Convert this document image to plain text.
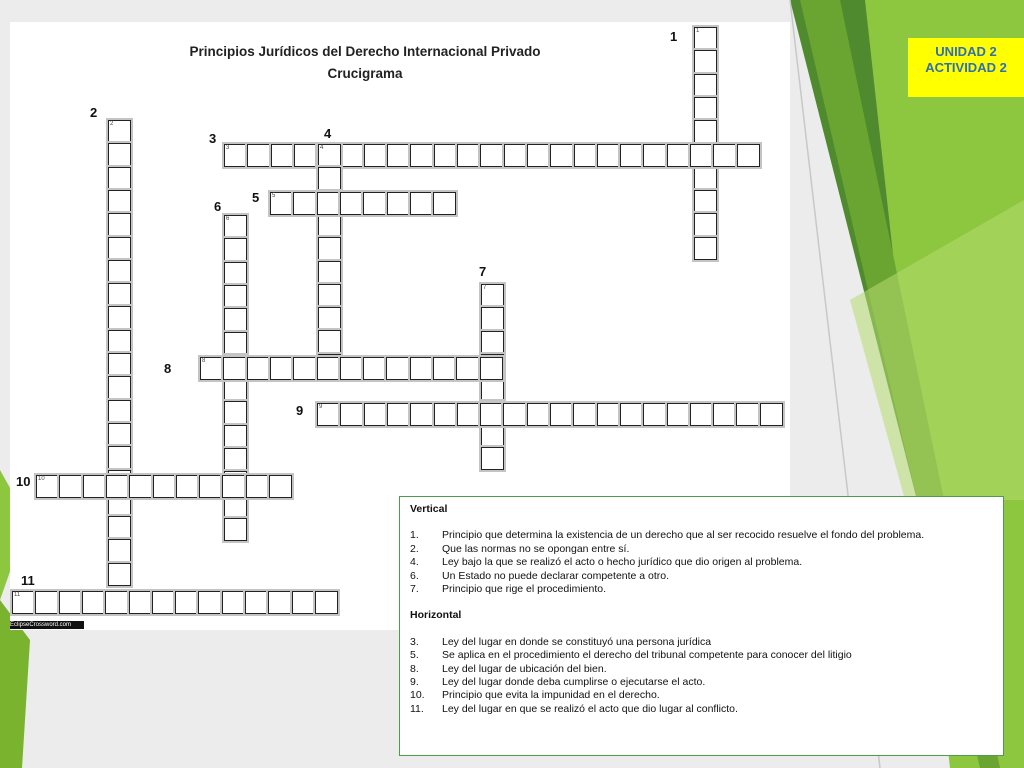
Principios Jurídicos del Derecho Internacional Privado
Crucigrama
1
2
3	4
5
6
7
8
9
10
11
EclipseCrossword.com
1
2
3	4
5
6
7
8
9
10
11
UNIDAD 2
ACTIVIDAD 2
Vertical
1.	Principio que determina la existencia de un derecho que al ser recocido resuelve el fondo del problema.
2.	Que las normas no se opongan entre sí.
4.	Ley bajo la que se realizó el acto o hecho jurídico que dio origen al problema.
6.	Un Estado no puede declarar competente a otro.
7.	Principio que rige el procedimiento.
Horizontal
3.	Ley del lugar en donde se constituyó una persona jurídica
5.	Se aplica en el procedimiento el derecho del tribunal competente para conocer del litigio
8.	Ley del lugar de ubicación del bien.
9.	Ley del lugar donde deba cumplirse o ejecutarse el acto.
10.	Principio que evita la impunidad en el derecho.
11.	Ley del lugar en que se realizó el acto que dio lugar al conflicto.
